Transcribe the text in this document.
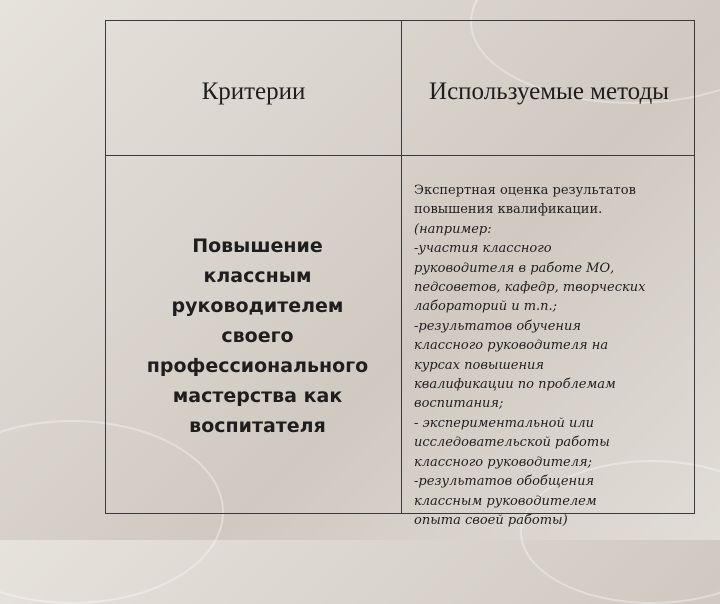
Критерии	Используемые методы
Повышение
классным
руководителем
своего
профессионального
мастерства как
воспитателя
Экспертная оценка результатов
повышения квалификации.
(например:
-участия классного
руководителя в работе МО,
педсоветов, кафедр, творческих
лабораторий и т.п.;
-результатов обучения
классного руководителя на
курсах повышения
квалификации по проблемам
воспитания;
- экспериментальной или
исследовательской работы
классного руководителя;
-результатов обобщения
классным руководителем
опыта своей работы)
